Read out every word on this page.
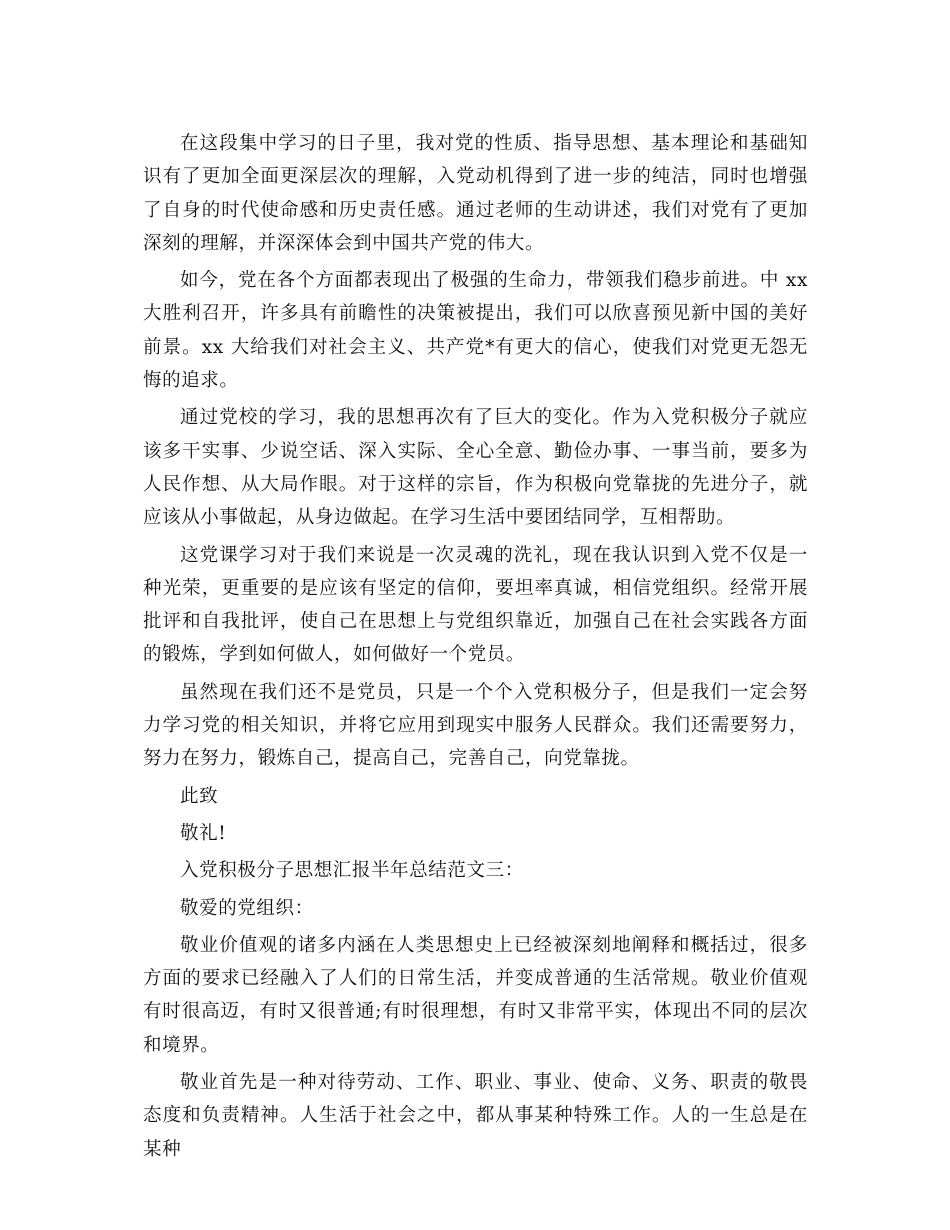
在这段集中学习的日子里，我对党的性质、指导思想、基本理论和基础知识有了更加全面更深层次的理解，入党动机得到了进一步的纯洁，同时也增强了自身的时代使命感和历史责任感。通过老师的生动讲述，我们对党有了更加深刻的理解，并深深体会到中国共产党的伟大。

如今，党在各个方面都表现出了极强的生命力，带领我们稳步前进。中 xx 大胜利召开，许多具有前瞻性的决策被提出，我们可以欣喜预见新中国的美好前景。xx 大给我们对社会主义、共产党*有更大的信心，使我们对党更无怨无悔的追求。

通过党校的学习，我的思想再次有了巨大的变化。作为入党积极分子就应该多干实事、少说空话、深入实际、全心全意、勤俭办事、一事当前，要多为人民作想、从大局作眼。对于这样的宗旨，作为积极向党靠拢的先进分子，就应该从小事做起，从身边做起。在学习生活中要团结同学，互相帮助。

这党课学习对于我们来说是一次灵魂的洗礼，现在我认识到入党不仅是一种光荣，更重要的是应该有坚定的信仰，要坦率真诚，相信党组织。经常开展批评和自我批评，使自己在思想上与党组织靠近，加强自己在社会实践各方面的锻炼，学到如何做人，如何做好一个党员。

虽然现在我们还不是党员，只是一个个入党积极分子，但是我们一定会努力学习党的相关知识，并将它应用到现实中服务人民群众。我们还需要努力，努力在努力，锻炼自己，提高自己，完善自己，向党靠拢。

此致

敬礼!

入党积极分子思想汇报半年总结范文三：

敬爱的党组织：

敬业价值观的诸多内涵在人类思想史上已经被深刻地阐释和概括过，很多方面的要求已经融入了人们的日常生活，并变成普通的生活常规。敬业价值观有时很高迈，有时又很普通;有时很理想，有时又非常平实，体现出不同的层次和境界。

敬业首先是一种对待劳动、工作、职业、事业、使命、义务、职责的敬畏态度和负责精神。人生活于社会之中，都从事某种特殊工作。人的一生总是在某种
